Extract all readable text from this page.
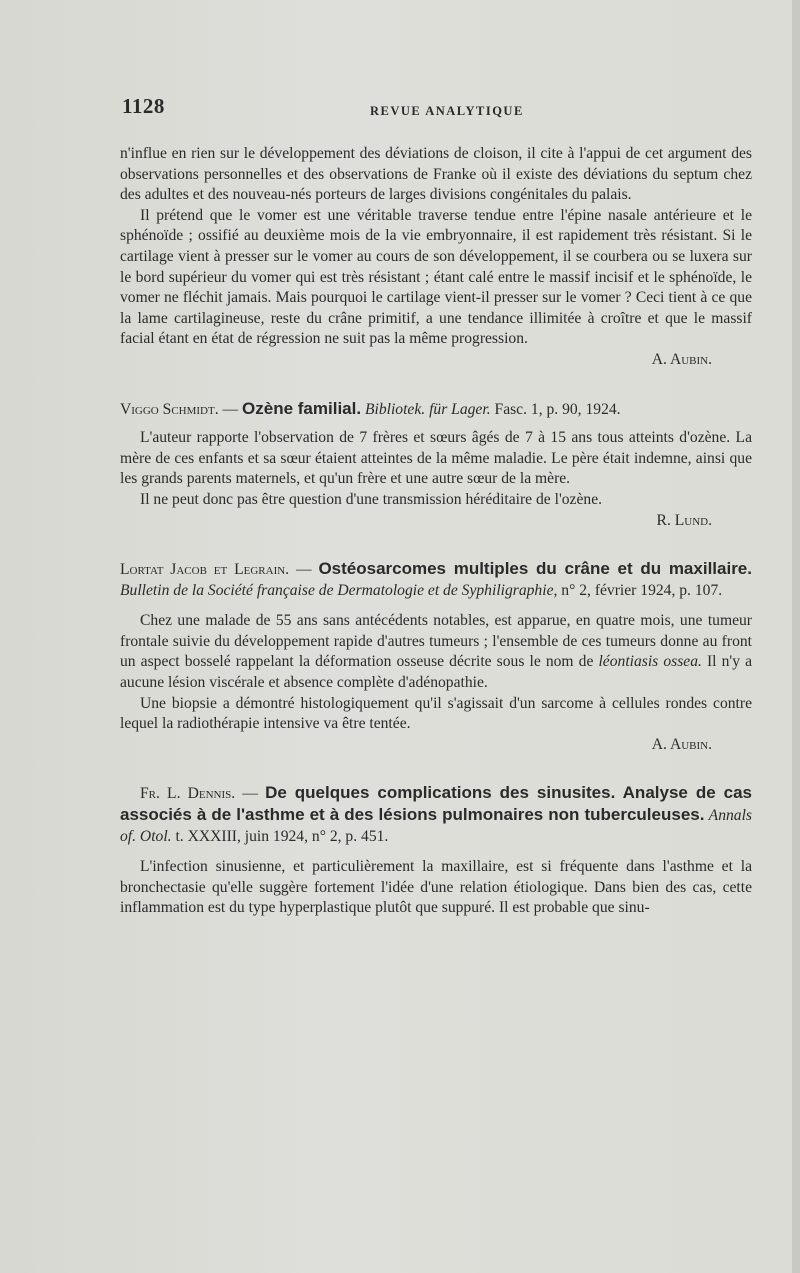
1128	REVUE ANALYTIQUE

n'influe en rien sur le développement des déviations de cloison, il cite à l'appui de cet argument des observations personnelles et des observations de Franke où il existe des déviations du septum chez des adultes et des nouveau-nés porteurs de larges divisions congénitales du palais.

Il prétend que le vomer est une véritable traverse tendue entre l'épine nasale antérieure et le sphénoïde ; ossifié au deuxième mois de la vie embryonnaire, il est rapidement très résistant. Si le cartilage vient à presser sur le vomer au cours de son développement, il se courbera ou se luxera sur le bord supérieur du vomer qui est très résistant ; étant calé entre le massif incisif et le sphénoïde, le vomer ne fléchit jamais. Mais pourquoi le cartilage vient-il presser sur le vomer ? Ceci tient à ce que la lame cartilagineuse, reste du crâne primitif, a une tendance illimitée à croître et que le massif facial étant en état de régression ne suit pas la même progression.

A. Aubin.

Viggo Schmidt. — Ozène familial. Bibliotek. für Lager. Fasc. 1, p. 90, 1924.

L'auteur rapporte l'observation de 7 frères et sœurs âgés de 7 à 15 ans tous atteints d'ozène. La mère de ces enfants et sa sœur étaient atteintes de la même maladie. Le père était indemne, ainsi que les grands parents maternels, et qu'un frère et une autre sœur de la mère.

Il ne peut donc pas être question d'une transmission héréditaire de l'ozène.

R. Lund.

Lortat Jacob et Legrain. — Ostéosarcomes multiples du crâne et du maxillaire. Bulletin de la Société française de Dermatologie et de Syphiligraphie, n° 2, février 1924, p. 107.

Chez une malade de 55 ans sans antécédents notables, est apparue, en quatre mois, une tumeur frontale suivie du développement rapide d'autres tumeurs ; l'ensemble de ces tumeurs donne au front un aspect bosselé rappelant la déformation osseuse décrite sous le nom de léontiasis ossea. Il n'y a aucune lésion viscérale et absence complète d'adénopathie.

Une biopsie a démontré histologiquement qu'il s'agissait d'un sarcome à cellules rondes contre lequel la radiothérapie intensive va être tentée.

A. Aubin.

Fr. L. Dennis. — De quelques complications des sinusites. Analyse de cas associés à de l'asthme et à des lésions pulmonaires non tuberculeuses. Annals of. Otol. t. XXXIII, juin 1924, n° 2, p. 451.

L'infection sinusienne, et particulièrement la maxillaire, est si fréquente dans l'asthme et la bronchectasie qu'elle suggère fortement l'idée d'une relation étiologique. Dans bien des cas, cette inflammation est du type hyperplastique plutôt que suppuré. Il est probable que sinu-
